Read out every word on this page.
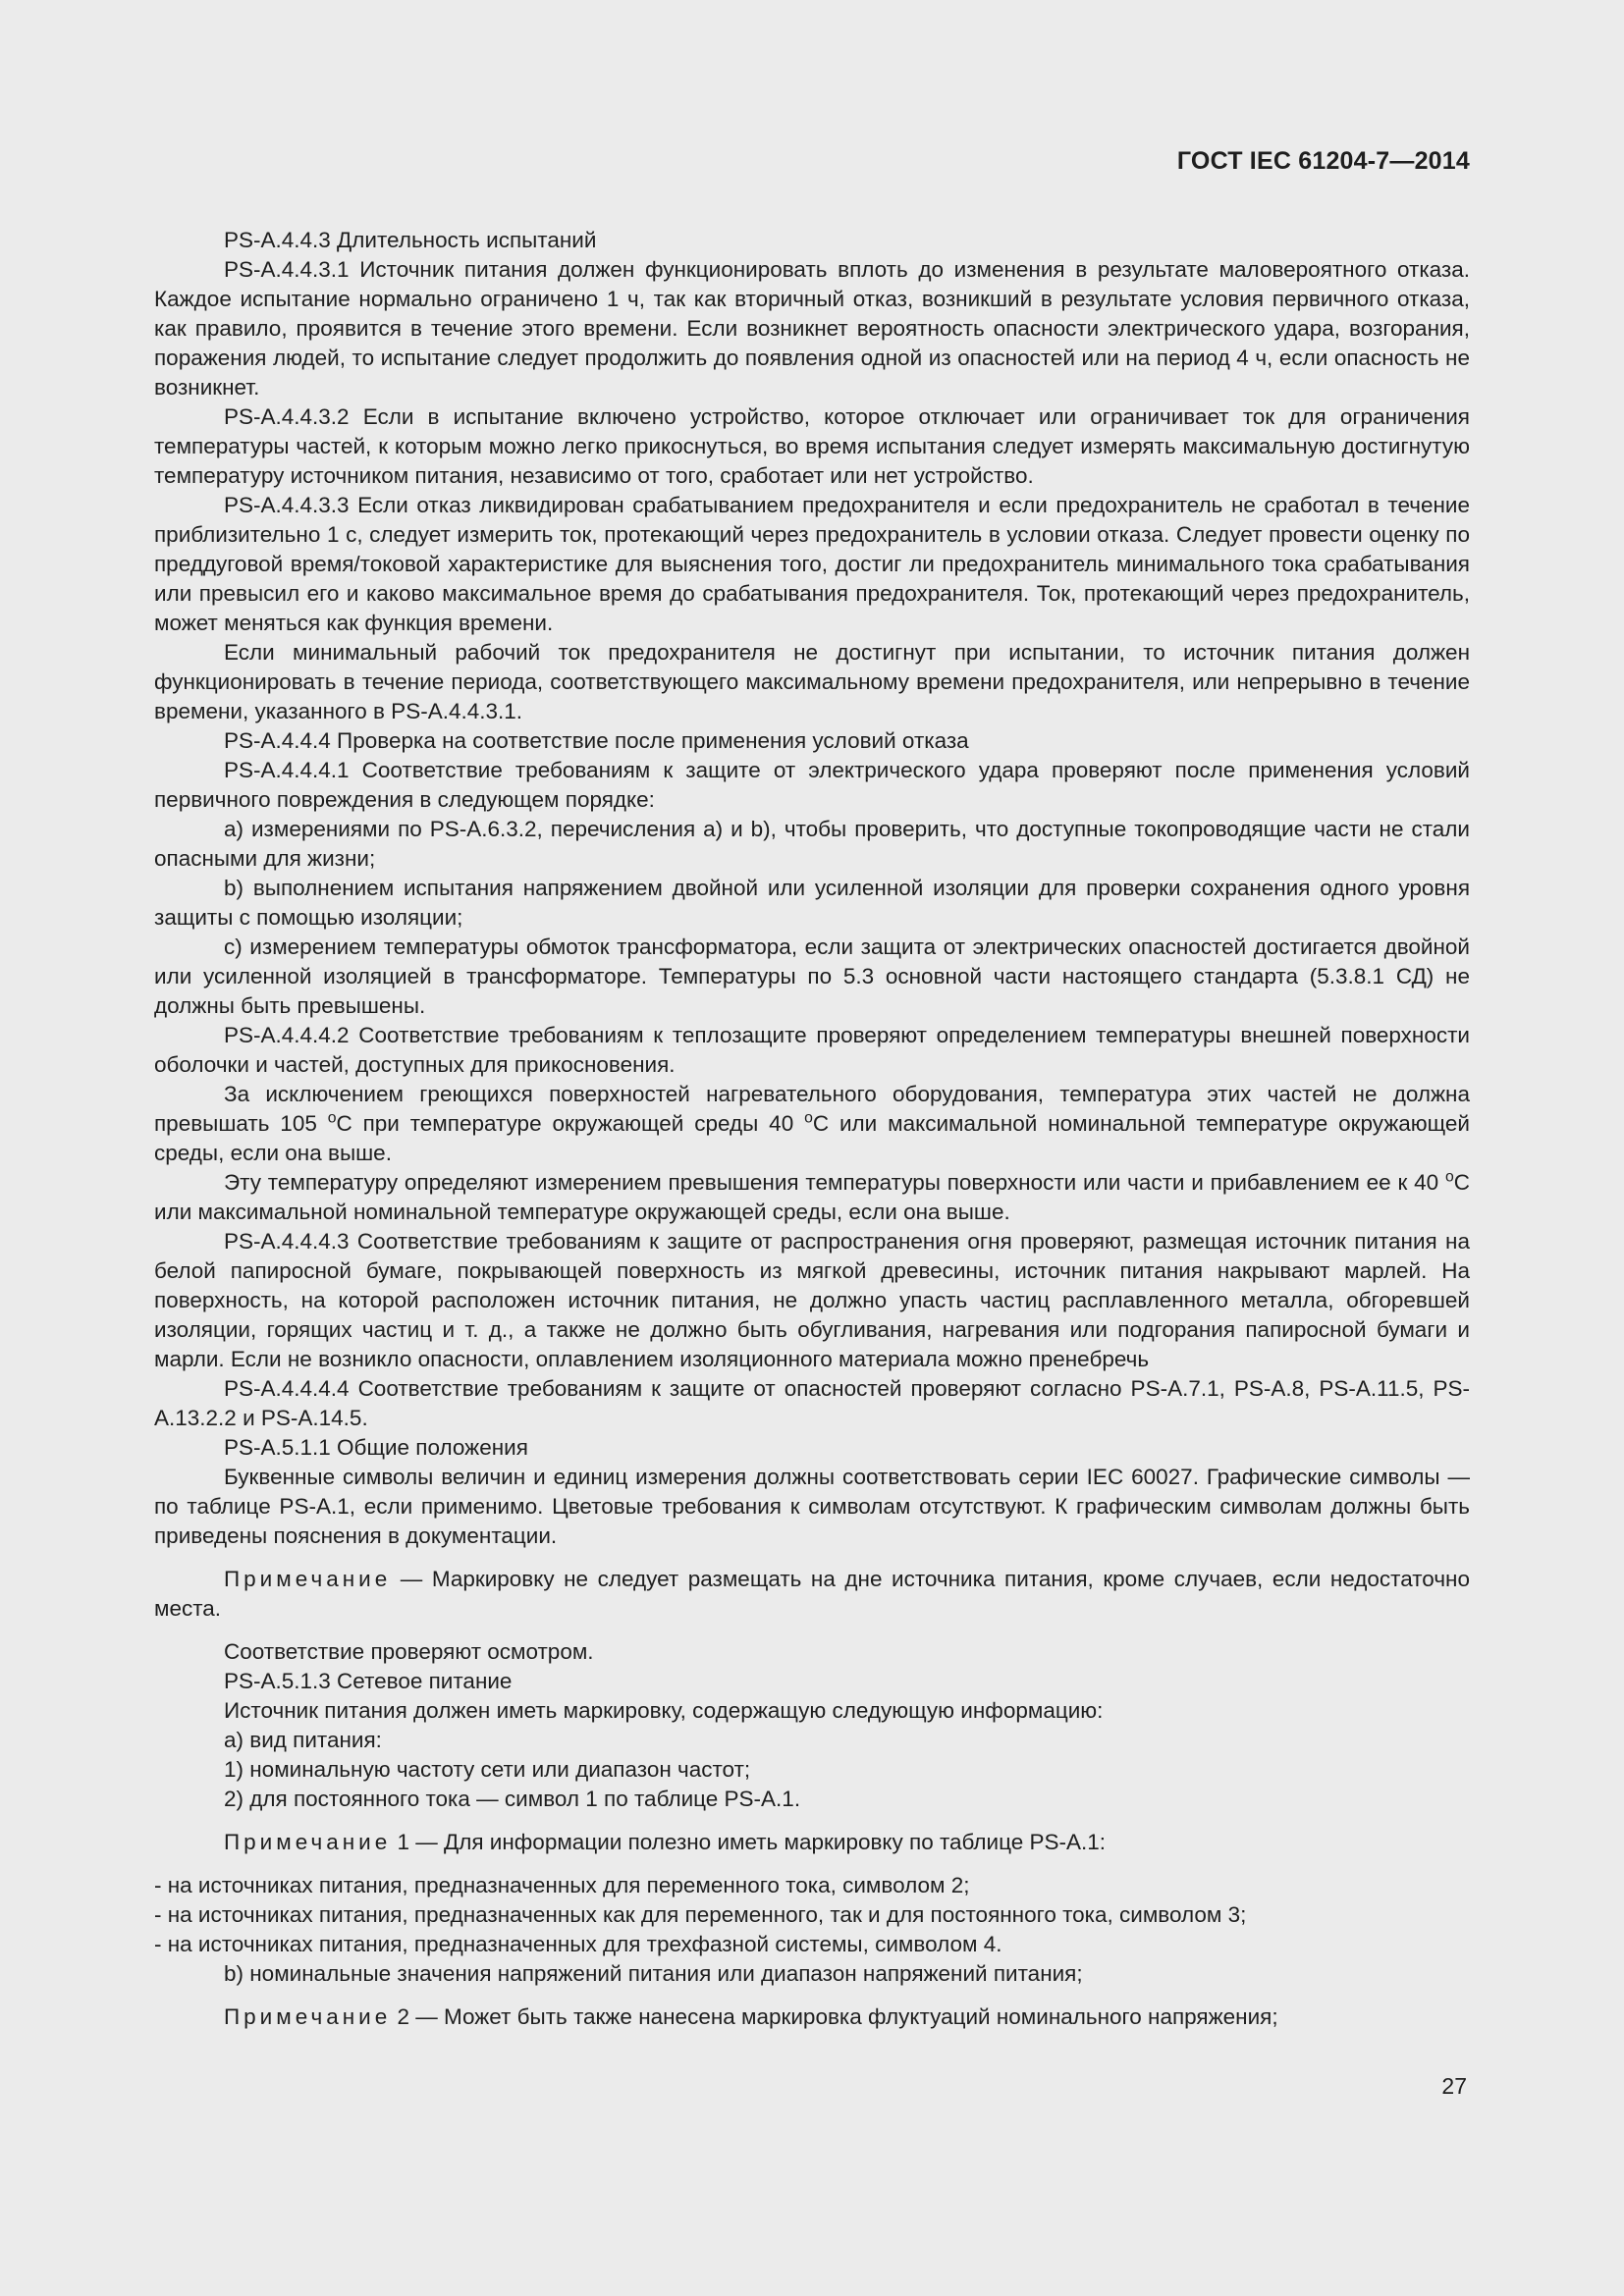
ГОСТ IEC 61204-7—2014

PS-A.4.4.3 Длительность испытаний

PS-A.4.4.3.1 Источник питания должен функционировать вплоть до изменения в результате маловероятного отказа. Каждое испытание нормально ограничено 1 ч, так как вторичный отказ, возникший в результате условия первичного отказа, как правило, проявится в течение этого времени. Если возникнет вероятность опасности электрического удара, возгорания, поражения людей, то испытание следует продолжить до появления одной из опасностей или на период 4 ч, если опасность не возникнет.

PS-A.4.4.3.2 Если в испытание включено устройство, которое отключает или ограничивает ток для ограничения температуры частей, к которым можно легко прикоснуться, во время испытания следует измерять максимальную достигнутую температуру источником питания, независимо от того, сработает или нет устройство.

PS-A.4.4.3.3 Если отказ ликвидирован срабатыванием предохранителя и если предохранитель не сработал в течение приблизительно 1 с, следует измерить ток, протекающий через предохранитель в условии отказа. Следует провести оценку по преддуговой время/токовой характеристике для выяснения того, достиг ли предохранитель минимального тока срабатывания или превысил его и каково максимальное время до срабатывания предохранителя. Ток, протекающий через предохранитель, может меняться как функция времени.

Если минимальный рабочий ток предохранителя не достигнут при испытании, то источник питания должен функционировать в течение периода, соответствующего максимальному времени предохранителя, или непрерывно в течение времени, указанного в PS-A.4.4.3.1.

PS-A.4.4.4 Проверка на соответствие после применения условий отказа

PS-A.4.4.4.1 Соответствие требованиям к защите от электрического удара проверяют после применения условий первичного повреждения в следующем порядке:

a) измерениями по PS-A.6.3.2, перечисления а) и b), чтобы проверить, что доступные токопроводящие части не стали опасными для жизни;

b) выполнением испытания напряжением двойной или усиленной изоляции для проверки сохранения одного уровня защиты с помощью изоляции;

c) измерением температуры обмоток трансформатора, если защита от электрических опасностей достигается двойной или усиленной изоляцией в трансформаторе. Температуры по 5.3 основной части настоящего стандарта (5.3.8.1 СД) не должны быть превышены.

PS-A.4.4.4.2 Соответствие требованиям к теплозащите проверяют определением температуры внешней поверхности оболочки и частей, доступных для прикосновения.

За исключением греющихся поверхностей нагревательного оборудования, температура этих частей не должна превышать 105 $^о$С при температуре окружающей среды 40 $^о$С или максимальной номинальной температуре окружающей среды, если она выше.

Эту температуру определяют измерением превышения температуры поверхности или части и прибавлением ее к 40 $^о$С или максимальной номинальной температуре окружающей среды, если она выше.

PS-A.4.4.4.3 Соответствие требованиям к защите от распространения огня проверяют, размещая источник питания на белой папиросной бумаге, покрывающей поверхность из мягкой древесины, источник питания накрывают марлей. На поверхность, на которой расположен источник питания, не должно упасть частиц расплавленного металла, обгоревшей изоляции, горящих частиц и т. д., а также не должно быть обугливания, нагревания или подгорания папиросной бумаги и марли. Если не возникло опасности, оплавлением изоляционного материала можно пренебречь

PS-A.4.4.4.4 Соответствие требованиям к защите от опасностей проверяют согласно PS-A.7.1, PS-A.8, PS-A.11.5, PS-A.13.2.2 и PS-A.14.5.

PS-A.5.1.1 Общие положения

Буквенные символы величин и единиц измерения должны соответствовать серии IEC 60027. Графические символы — по таблице PS-A.1, если применимо. Цветовые требования к символам отсутствуют. К графическим символам должны быть приведены пояснения в документации.

Примечание — Маркировку не следует размещать на дне источника питания, кроме случаев, если недостаточно места.

Соответствие проверяют осмотром.

PS-A.5.1.3 Сетевое питание

Источник питания должен иметь маркировку, содержащую следующую информацию:

a) вид питания:

1) номинальную частоту сети или диапазон частот;

2) для постоянного тока — символ 1 по таблице PS-A.1.

Примечание 1 — Для информации полезно иметь маркировку по таблице PS-A.1:

- на источниках питания, предназначенных для переменного тока, символом 2;
- на источниках питания, предназначенных как для переменного, так и для постоянного тока, символом 3;
- на источниках питания, предназначенных для трехфазной системы, символом 4.

b) номинальные значения напряжений питания или диапазон напряжений питания;

Примечание 2 — Может быть также нанесена маркировка флуктуаций номинального напряжения;

27
